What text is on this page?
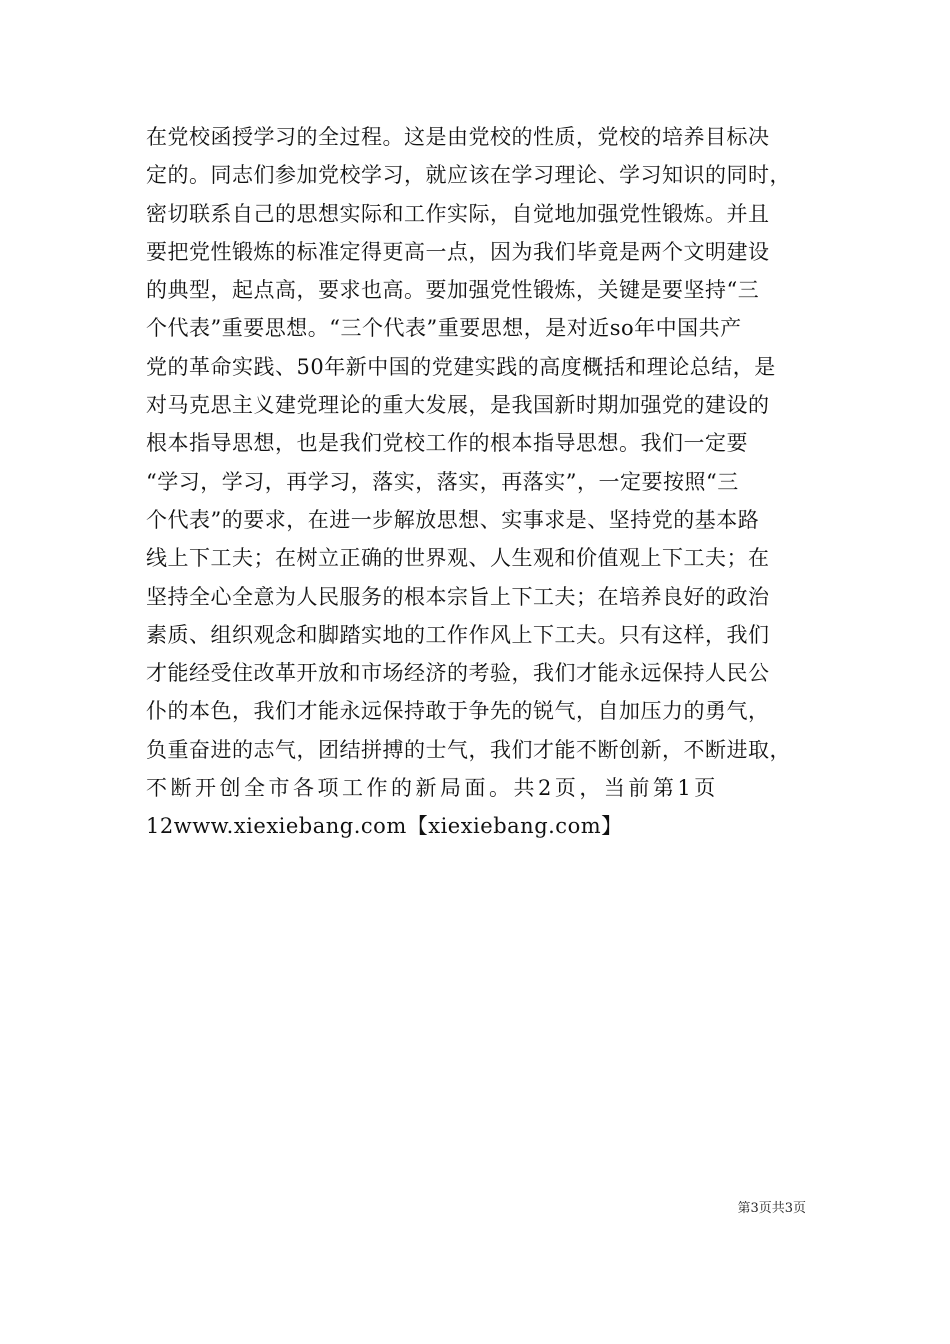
在党校函授学习的全过程。这是由党校的性质，党校的培养目标决
定的。同志们参加党校学习，就应该在学习理论、学习知识的同时，
密切联系自己的思想实际和工作实际，自觉地加强党性锻炼。并且
要把党性锻炼的标准定得更高一点，因为我们毕竟是两个文明建设
的典型，起点高，要求也高。要加强党性锻炼，关键是要坚持“三
个代表”重要思想。“三个代表”重要思想，是对近so年中国共产
党的革命实践、50年新中国的党建实践的高度概括和理论总结，是
对马克思主义建党理论的重大发展，是我国新时期加强党的建设的
根本指导思想，也是我们党校工作的根本指导思想。我们一定要
“学习，学习，再学习，落实，落实，再落实”，一定要按照“三
个代表”的要求，在进一步解放思想、实事求是、坚持党的基本路
线上下工夫；在树立正确的世界观、人生观和价值观上下工夫；在
坚持全心全意为人民服务的根本宗旨上下工夫；在培养良好的政治
素质、组织观念和脚踏实地的工作作风上下工夫。只有这样，我们
才能经受住改革开放和市场经济的考验，我们才能永远保持人民公
仆的本色，我们才能永远保持敢于争先的锐气，自加压力的勇气，
负重奋进的志气，团结拼搏的士气，我们才能不断创新，不断进取，
不断开创全市各项工作的新局面。共2页，当前第1页
12www.xiexiebang.com【xiexiebang.com】
第3页共3页
